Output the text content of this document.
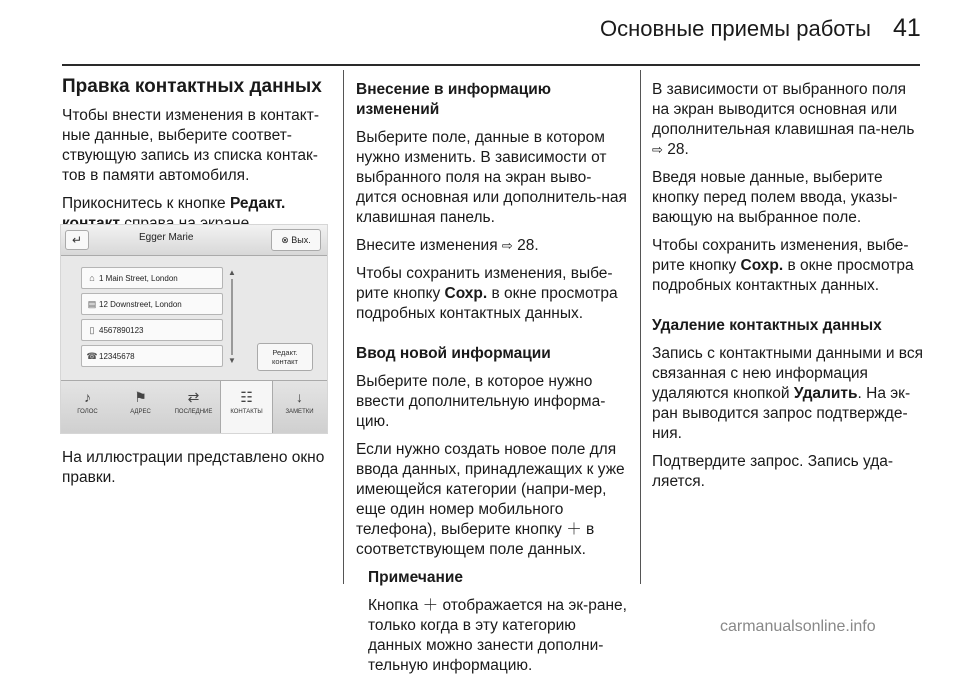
Основные приемы работы 41

Правка контактных данных

Чтобы внести изменения в контакт-ные данные, выберите соответ-ствующую запись из списка контак-тов в памяти автомобиля.

Прикоснитесь к кнопке Редакт.

↵	Egger Marie	⊗ Вых.
⌂ 1 Main Street, London
▤ 12 Downstreet, London
▯ 4567890123
☎12345678
▲
▼
Редакт.
контакт
♪
ГОЛОС
⚑
АДРЕС
⇄
ПОСЛЕДНИЕ
☷
КОНТАКТЫ
↓
ЗАМЕТКИ

На иллюстрации представлено окно правки.

Внесение в информацию изменений

Выберите поле, данные в котором нужно изменить. В зависимости от выбранного поля на экран выво-дится основная или дополнитель-ная клавишная панель.

Внесите изменения ⇨ 28.

Чтобы сохранить изменения, выбе-рите кнопку Сохр. в окне просмотра подробных контактных данных.

Ввод новой информации

Выберите поле, в которое нужно ввести дополнительную информа-цию.

Если нужно создать новое поле для ввода данных, принадлежащих к уже имеющейся категории (напри-мер, еще один номер мобильного телефона), выберите кнопку ＋ в соответствующем поле данных.

Примечание

Кнопка ＋ отображается на эк-ране, только когда в эту категорию данных можно занести дополни-тельную информацию.

В зависимости от выбранного поля на экран выводится основная или дополнительная клавишная па-нель ⇨ 28.

Введя новые данные, выберите кнопку перед полем ввода, указы-вающую на выбранное поле.

Чтобы сохранить изменения, выбе-рите кнопку Сохр. в окне просмотра подробных контактных данных.

Удаление контактных данных

Запись с контактными данными и вся связанная с нею информация удаляются кнопкой Удалить. На эк-ран выводится запрос подтвержде-ния.

Подтвердите запрос. Запись уда-ляется.

carmanualsonline.info
